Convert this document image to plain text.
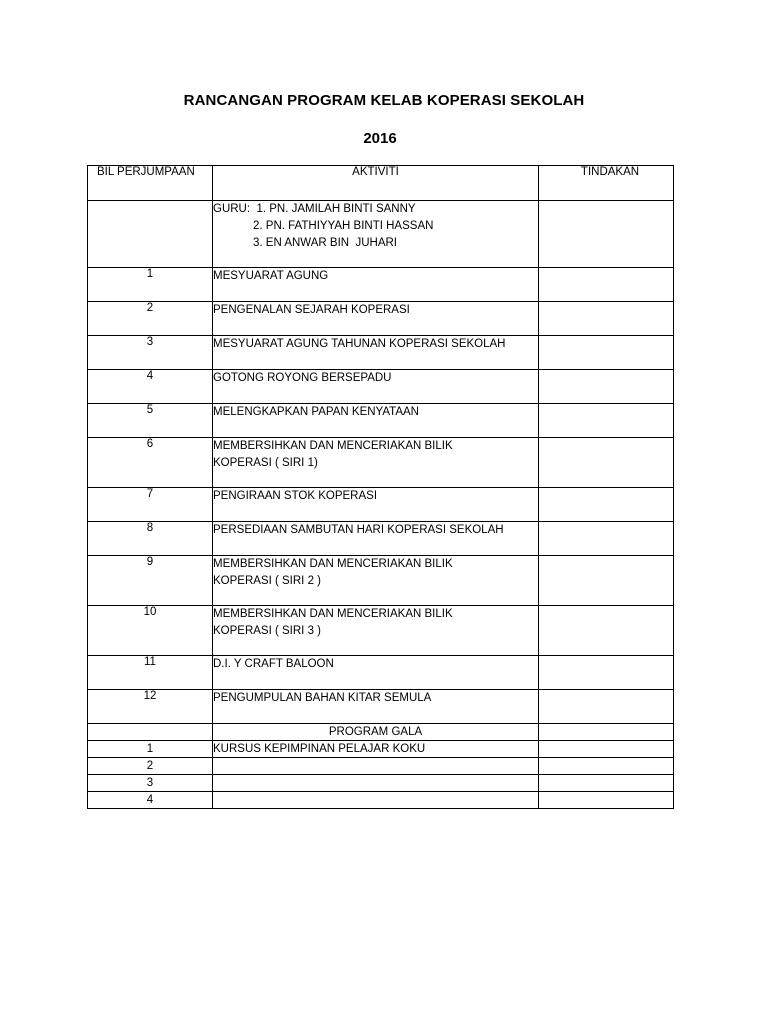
RANCANGAN PROGRAM KELAB KOPERASI SEKOLAH
2016
BIL PERJUMPAAN	AKTIVITI	TINDAKAN

	GURU:  1. PN. JAMILAH BINTI SANNY
2. PN. FATHIYYAH BINTI HASSAN
3. EN ANWAR BIN  JUHARI	

1	MESYUARAT AGUNG	
2	PENGENALAN SEJARAH KOPERASI	
3	MESYUARAT AGUNG TAHUNAN KOPERASI SEKOLAH	
4	GOTONG ROYONG BERSEPADU	
5	MELENGKAPKAN PAPAN KENYATAAN	
6	MEMBERSIHKAN DAN MENCERIAKAN BILIK
KOPERASI ( SIRI 1)	

7	PENGIRAAN STOK KOPERASI	
8	PERSEDIAAN SAMBUTAN HARI KOPERASI SEKOLAH	
9	MEMBERSIHKAN DAN MENCERIAKAN BILIK
KOPERASI ( SIRI 2 )	

10	MEMBERSIHKAN DAN MENCERIAKAN BILIK
KOPERASI ( SIRI 3 )	

11	D.I. Y CRAFT BALOON	
12	PENGUMPULAN BAHAN KITAR SEMULA	
	PROGRAM GALA	
1	KURSUS KEPIMPINAN PELAJAR KOKU	
2		
3		
4		
